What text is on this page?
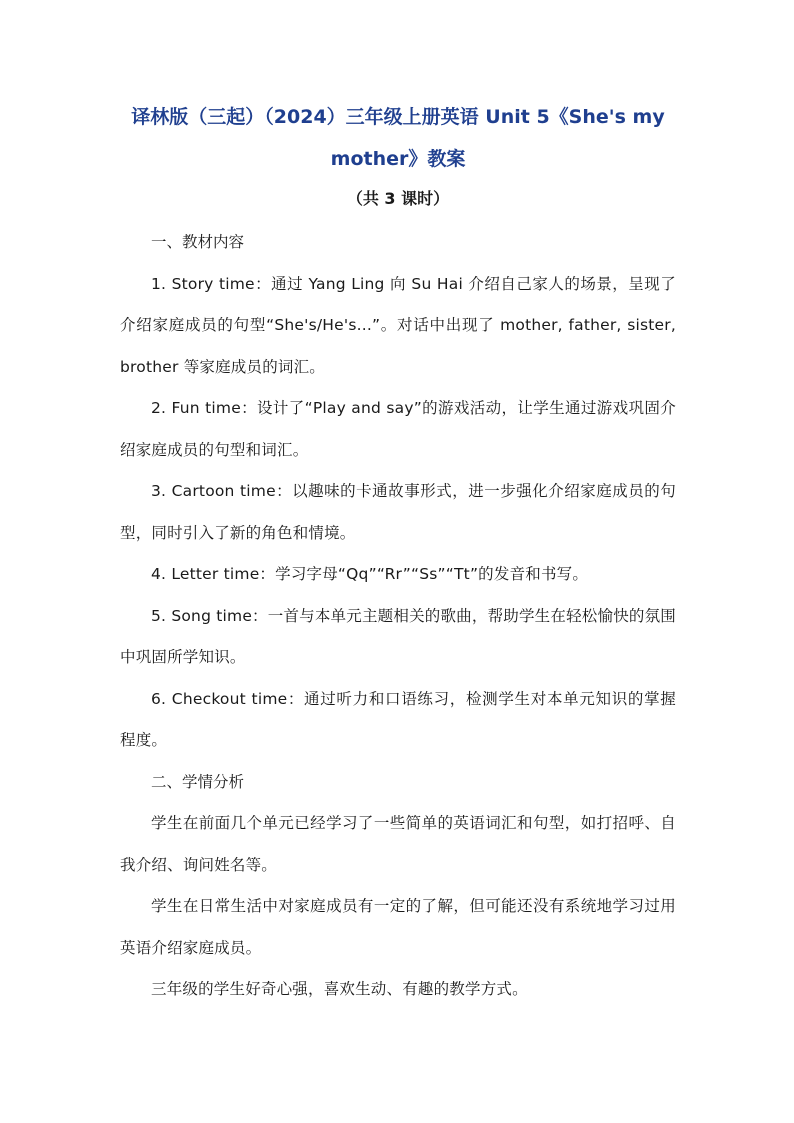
译林版（三起）（2024）三年级上册英语 Unit 5《She's my mother》教案
（共 3 课时）
一、教材内容

1. Story time：通过 Yang Ling 向 Su Hai 介绍自己家人的场景，呈现了介绍家庭成员的句型“She's/He's...”。对话中出现了 mother, father, sister, brother 等家庭成员的词汇。

2. Fun time：设计了“Play and say”的游戏活动，让学生通过游戏巩固介绍家庭成员的句型和词汇。

3. Cartoon time：以趣味的卡通故事形式，进一步强化介绍家庭成员的句型，同时引入了新的角色和情境。

4. Letter time：学习字母“Qq”“Rr”“Ss”“Tt”的发音和书写。

5. Song time：一首与本单元主题相关的歌曲，帮助学生在轻松愉快的氛围中巩固所学知识。

6. Checkout time：通过听力和口语练习，检测学生对本单元知识的掌握程度。

二、学情分析

学生在前面几个单元已经学习了一些简单的英语词汇和句型，如打招呼、自我介绍、询问姓名等。

学生在日常生活中对家庭成员有一定的了解，但可能还没有系统地学习过用英语介绍家庭成员。

三年级的学生好奇心强，喜欢生动、有趣的教学方式。
